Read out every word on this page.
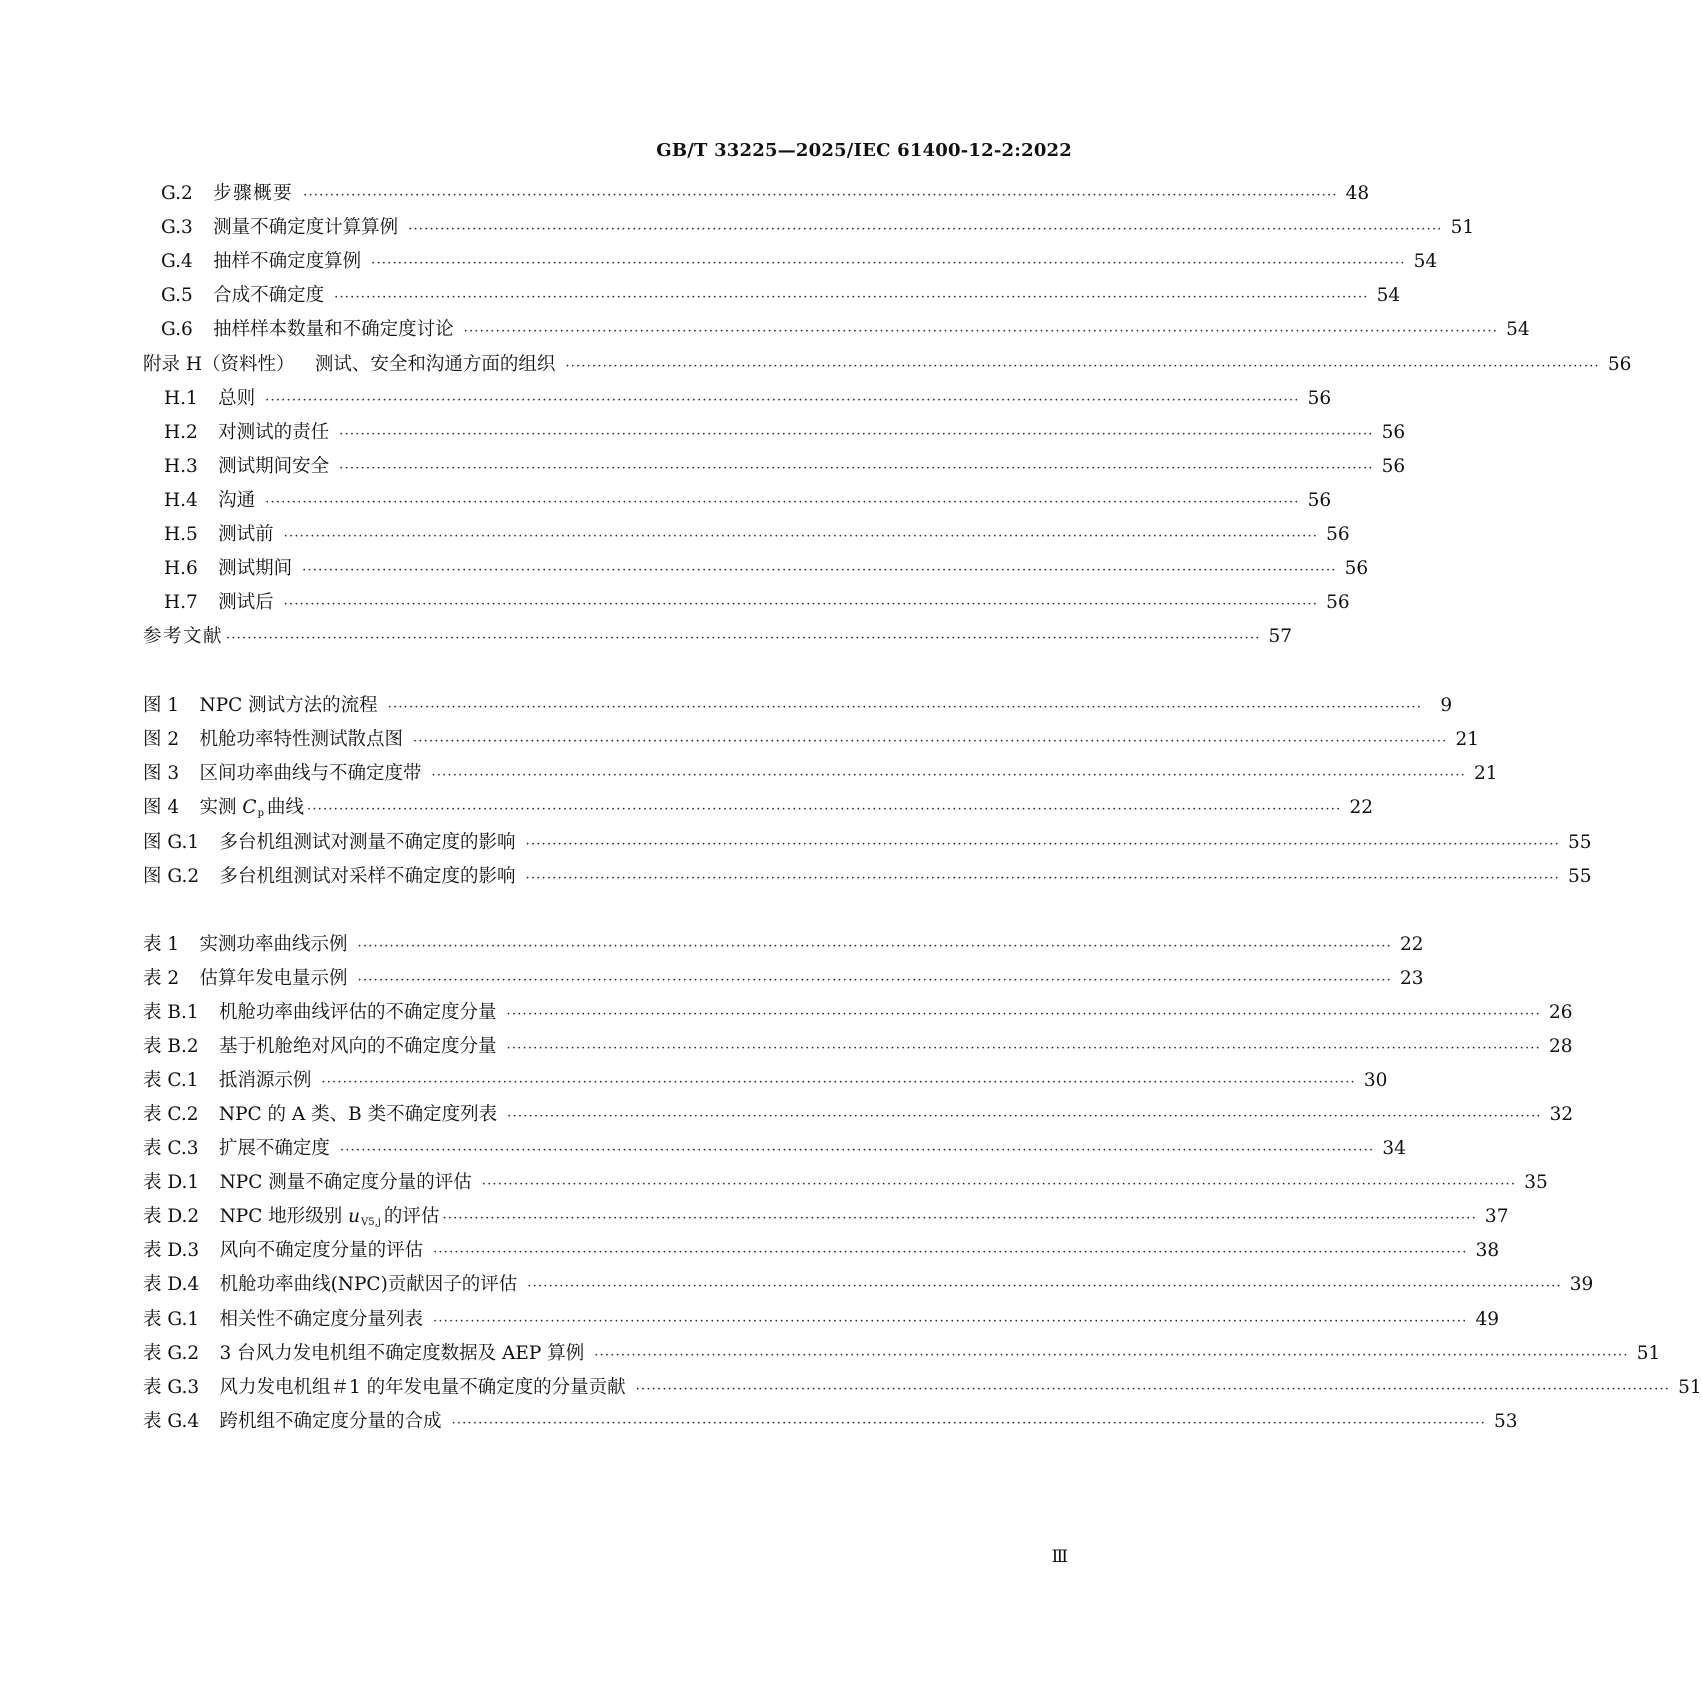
GB/T 33225—2025/IEC 61400-12-2:2022
G.2 步骤概要 ·································································································································································································· 48
G.3 测量不确定度计算算例 ·································································································································································································· 51
G.4 抽样不确定度算例 ·································································································································································································· 54
G.5 合成不确定度 ·································································································································································································· 54
G.6 抽样样本数量和不确定度讨论 ·································································································································································································· 54
附录 H（资料性） 测试、安全和沟通方面的组织 ·································································································································································································· 56
H.1 总则 ·································································································································································································· 56
H.2 对测试的责任 ·································································································································································································· 56
H.3 测试期间安全 ·································································································································································································· 56
H.4 沟通 ·································································································································································································· 56
H.5 测试前 ·································································································································································································· 56
H.6 测试期间 ·································································································································································································· 56
H.7 测试后 ·································································································································································································· 56
参考文献 ·································································································································································································· 57
图 1 NPC 测试方法的流程 ·································································································································································································· 9
图 2 机舱功率特性测试散点图 ·································································································································································································· 21
图 3 区间功率曲线与不确定度带 ·································································································································································································· 21
图 4 实测 $C_p$ 曲线 ·································································································································································································· 22
图 G.1 多台机组测试对测量不确定度的影响 ·································································································································································································· 55
图 G.2 多台机组测试对采样不确定度的影响 ·································································································································································································· 55
表 1 实测功率曲线示例 ·································································································································································································· 22
表 2 估算年发电量示例 ·································································································································································································· 23
表 B.1 机舱功率曲线评估的不确定度分量 ·································································································································································································· 26
表 B.2 基于机舱绝对风向的不确定度分量 ·································································································································································································· 28
表 C.1 抵消源示例 ·································································································································································································· 30
表 C.2 NPC 的 A 类、B 类不确定度列表 ·································································································································································································· 32
表 C.3 扩展不确定度 ·································································································································································································· 34
表 D.1 NPC 测量不确定度分量的评估 ·································································································································································································· 35
表 D.2 NPC 地形级别 $u_{V5,j}$ 的评估 ·································································································································································································· 37
表 D.3 风向不确定度分量的评估 ·································································································································································································· 38
表 D.4 机舱功率曲线(NPC)贡献因子的评估 ·································································································································································································· 39
表 G.1 相关性不确定度分量列表 ·································································································································································································· 49
表 G.2 3 台风力发电机组不确定度数据及 AEP 算例 ·································································································································································································· 51
表 G.3 风力发电机组＃1 的年发电量不确定度的分量贡献 ·································································································································································································· 51
表 G.4 跨机组不确定度分量的合成 ·································································································································································································· 53
Ⅲ
